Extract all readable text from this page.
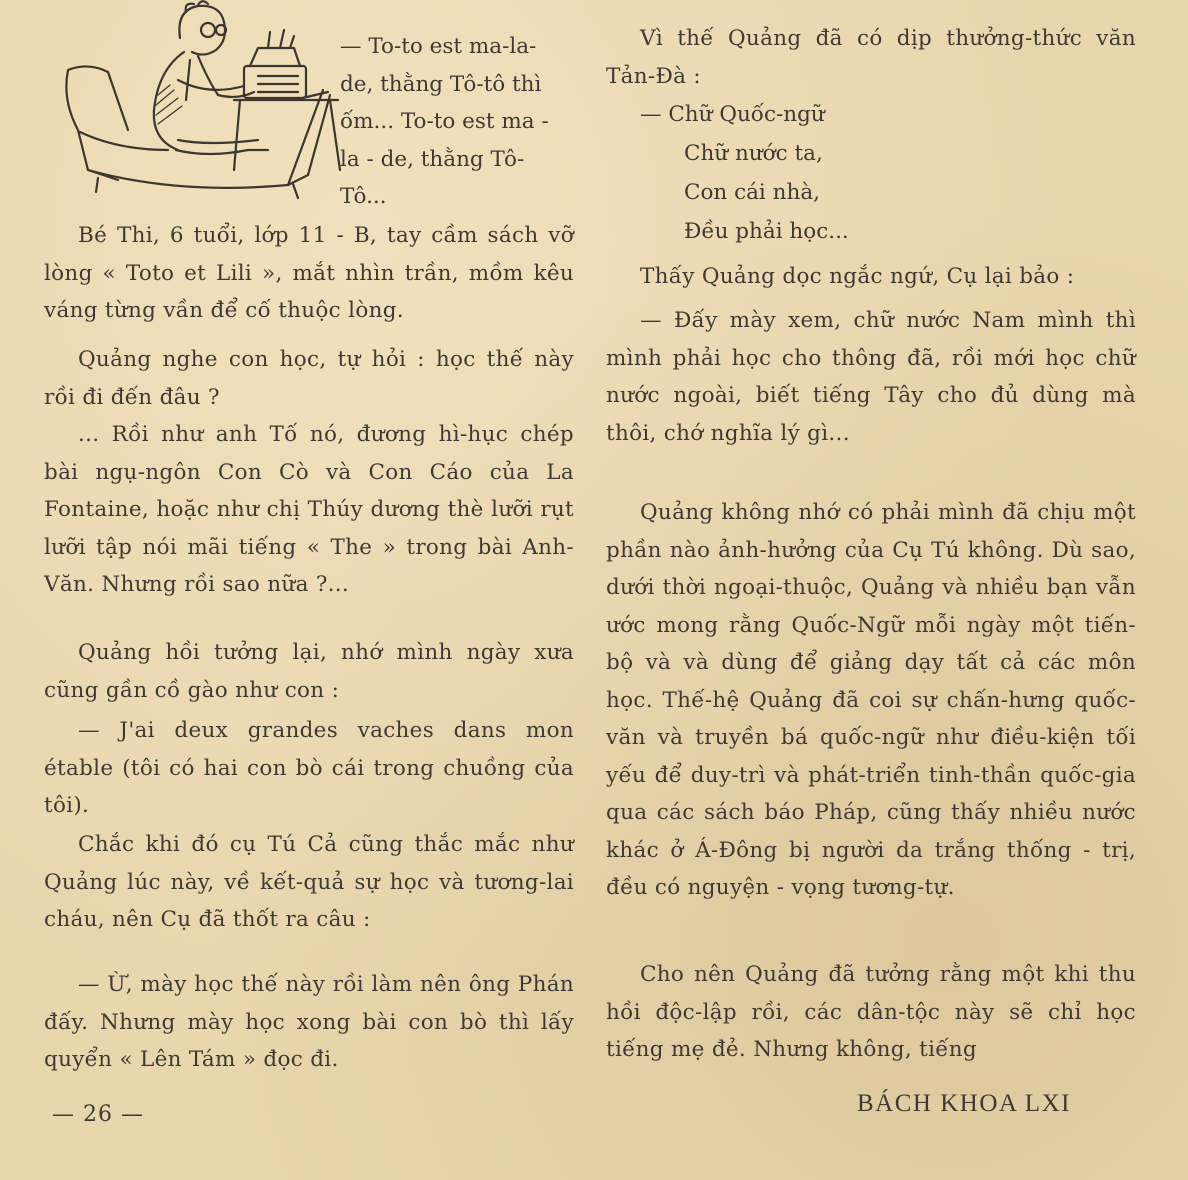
— To-to est ma-la-de, thằng Tô-tô thì ốm... To-to est ma - la - de, thằng Tô-Tô...

Bé Thi, 6 tuổi, lớp 11 - B, tay cầm sách vỡ lòng « Toto et Lili », mắt nhìn trần, mồm kêu váng từng vần để cố thuộc lòng.

Quảng nghe con học, tự hỏi : học thế này rồi đi đến đâu ?

... Rồi như anh Tố nó, đương hì-hục chép bài ngụ-ngôn Con Cò và Con Cáo của La Fontaine, hoặc như chị Thúy dương thè lưỡi rụt lưỡi tập nói mãi tiếng « The » trong bài Anh-Văn. Nhưng rồi sao nữa ?...

Quảng hồi tưởng lại, nhớ mình ngày xưa cũng gần cồ gào như con :

— J'ai deux grandes vaches dans mon étable (tôi có hai con bò cái trong chuồng của tôi).

Chắc khi đó cụ Tú Cả cũng thắc mắc như Quảng lúc này, về kết-quả sự học và tương-lai cháu, nên Cụ đã thốt ra câu :

— Ừ, mày học thế này rồi làm nên ông Phán đấy. Nhưng mày học xong bài con bò thì lấy quyển « Lên Tám » đọc đi.

Vì thế Quảng đã có dịp thưởng-thức văn Tản-Đà :

— Chữ Quốc-ngữ

Chữ nước ta,

Con cái nhà,

Đều phải học...

Thấy Quảng dọc ngắc ngứ, Cụ lại bảo :

— Đấy mày xem, chữ nước Nam mình thì mình phải học cho thông đã, rồi mới học chữ nước ngoài, biết tiếng Tây cho đủ dùng mà thôi, chớ nghĩa lý gì...

Quảng không nhớ có phải mình đã chịu một phần nào ảnh-hưởng của Cụ Tú không. Dù sao, dưới thời ngoại-thuộc, Quảng và nhiều bạn vẫn ước mong rằng Quốc-Ngữ mỗi ngày một tiến-bộ và và dùng để giảng dạy tất cả các môn học. Thế-hệ Quảng đã coi sự chấn-hưng quốc-văn và truyền bá quốc-ngữ như điều-kiện tối yếu để duy-trì và phát-triển tinh-thần quốc-gia qua các sách báo Pháp, cũng thấy nhiều nước khác ở Á-Đông bị người da trắng thống - trị, đều có nguyện - vọng tương-tự.

Cho nên Quảng đã tưởng rằng một khi thu hồi độc-lập rồi, các dân-tộc này sẽ chỉ học tiếng mẹ đẻ. Nhưng không, tiếng

— 26 —	BÁCH KHOA LXI
